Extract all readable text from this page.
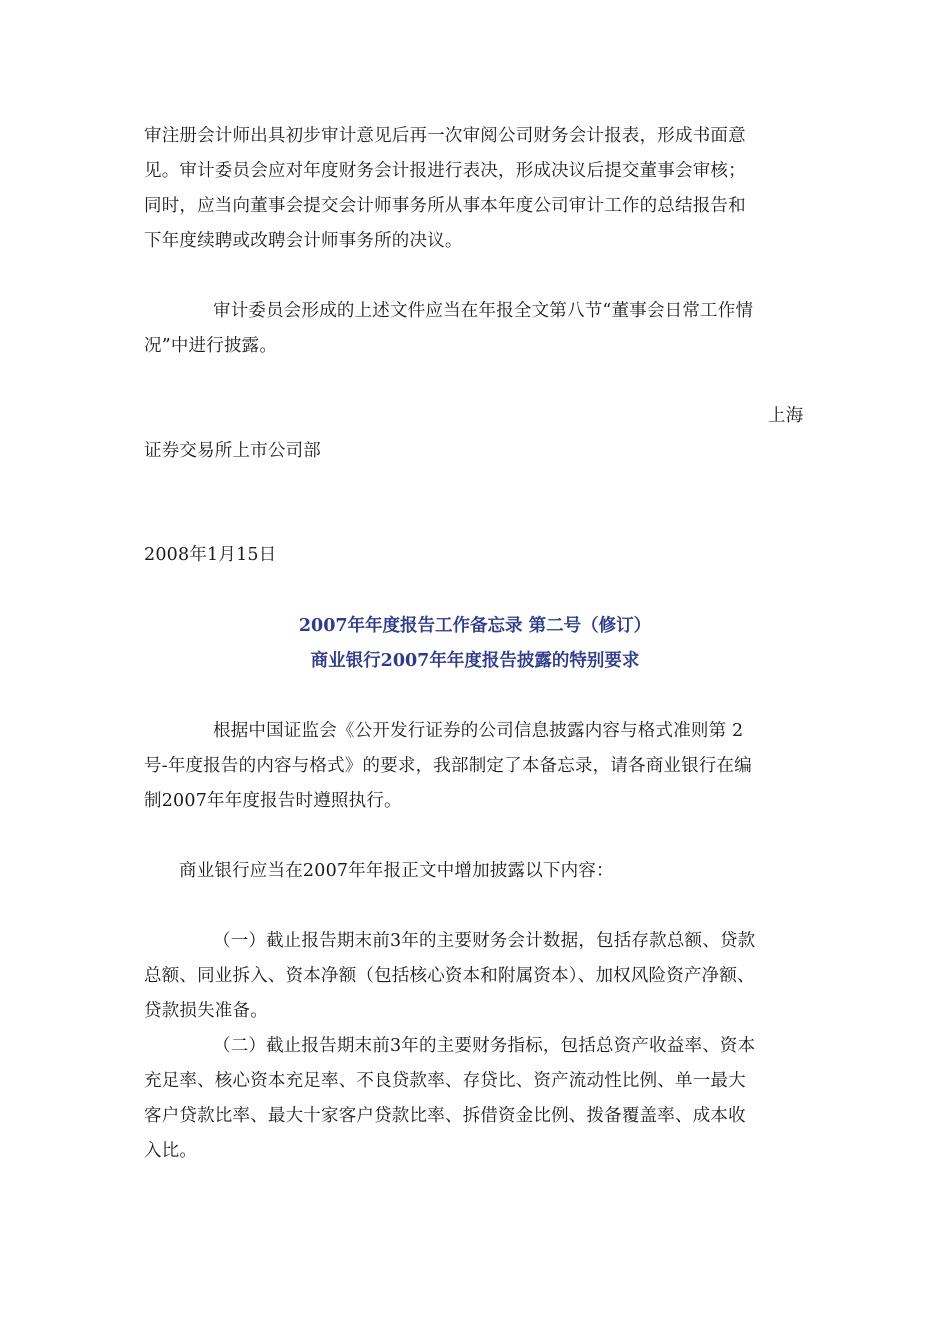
审注册会计师出具初步审计意见后再一次审阅公司财务会计报表，形成书面意
见。审计委员会应对年度财务会计报进行表决，形成决议后提交董事会审核；
同时，应当向董事会提交会计师事务所从事本年度公司审计工作的总结报告和
下年度续聘或改聘会计师事务所的决议。
审计委员会形成的上述文件应当在年报全文第八节“董事会日常工作情
况”中进行披露。
上海
证券交易所上市公司部
2008年1月15日
2007年年度报告工作备忘录 第二号（修订）
商业银行2007年年度报告披露的特别要求
根据中国证监会《公开发行证券的公司信息披露内容与格式准则第 2
号-年度报告的内容与格式》的要求，我部制定了本备忘录，请各商业银行在编
制2007年年度报告时遵照执行。
商业银行应当在2007年年报正文中增加披露以下内容：
（一）截止报告期末前3年的主要财务会计数据，包括存款总额、贷款
总额、同业拆入、资本净额（包括核心资本和附属资本）、加权风险资产净额、
贷款损失准备。
（二）截止报告期末前3年的主要财务指标，包括总资产收益率、资本
充足率、核心资本充足率、不良贷款率、存贷比、资产流动性比例、单一最大
客户贷款比率、最大十家客户贷款比率、拆借资金比例、拨备覆盖率、成本收
入比。
